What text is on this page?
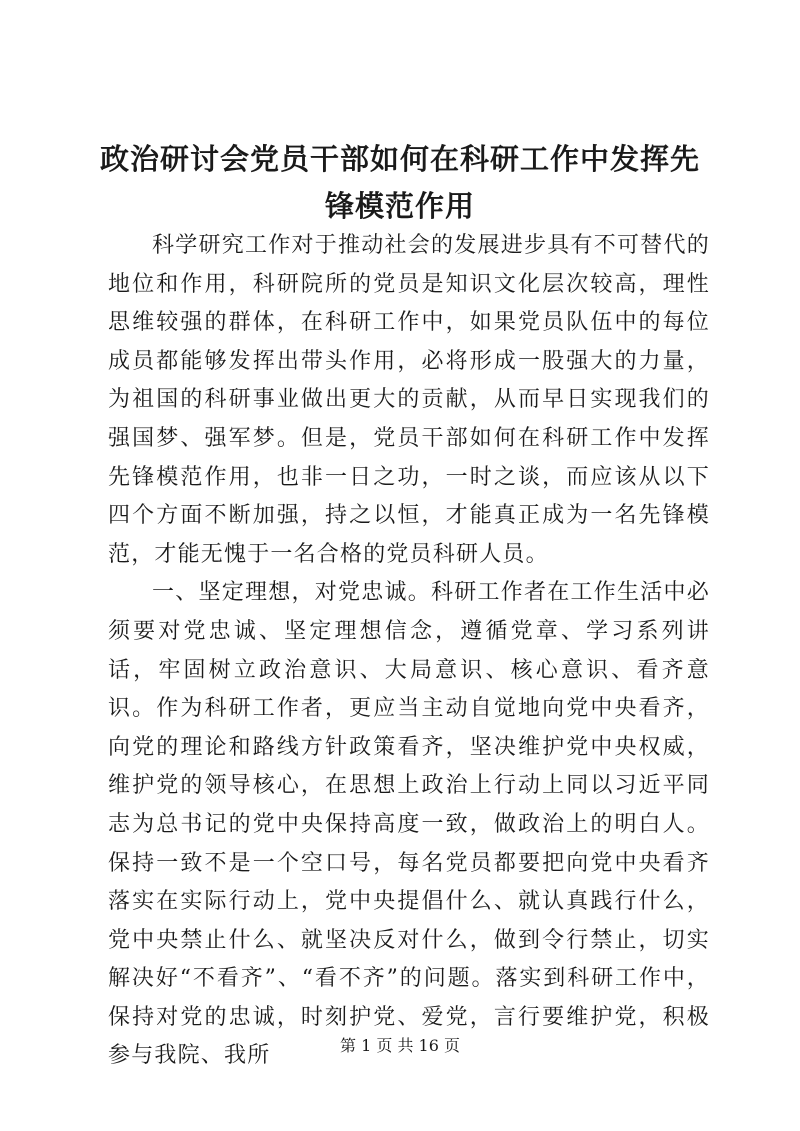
政治研讨会党员干部如何在科研工作中发挥先锋模范作用

科学研究工作对于推动社会的发展进步具有不可替代的地位和作用，科研院所的党员是知识文化层次较高，理性思维较强的群体，在科研工作中，如果党员队伍中的每位成员都能够发挥出带头作用，必将形成一股强大的力量，为祖国的科研事业做出更大的贡献，从而早日实现我们的强国梦、强军梦。但是，党员干部如何在科研工作中发挥先锋模范作用，也非一日之功，一时之谈，而应该从以下四个方面不断加强，持之以恒，才能真正成为一名先锋模范，才能无愧于一名合格的党员科研人员。

一、坚定理想，对党忠诚。科研工作者在工作生活中必须要对党忠诚、坚定理想信念，遵循党章、学习系列讲话，牢固树立政治意识、大局意识、核心意识、看齐意识。作为科研工作者，更应当主动自觉地向党中央看齐，向党的理论和路线方针政策看齐，坚决维护党中央权威，维护党的领导核心，在思想上政治上行动上同以习近平同志为总书记的党中央保持高度一致，做政治上的明白人。保持一致不是一个空口号，每名党员都要把向党中央看齐落实在实际行动上，党中央提倡什么、就认真践行什么，党中央禁止什么、就坚决反对什么，做到令行禁止，切实解决好“不看齐”、“看不齐”的问题。落实到科研工作中，保持对党的忠诚，时刻护党、爱党，言行要维护党，积极参与我院、我所	第 1 页 共 16 页
